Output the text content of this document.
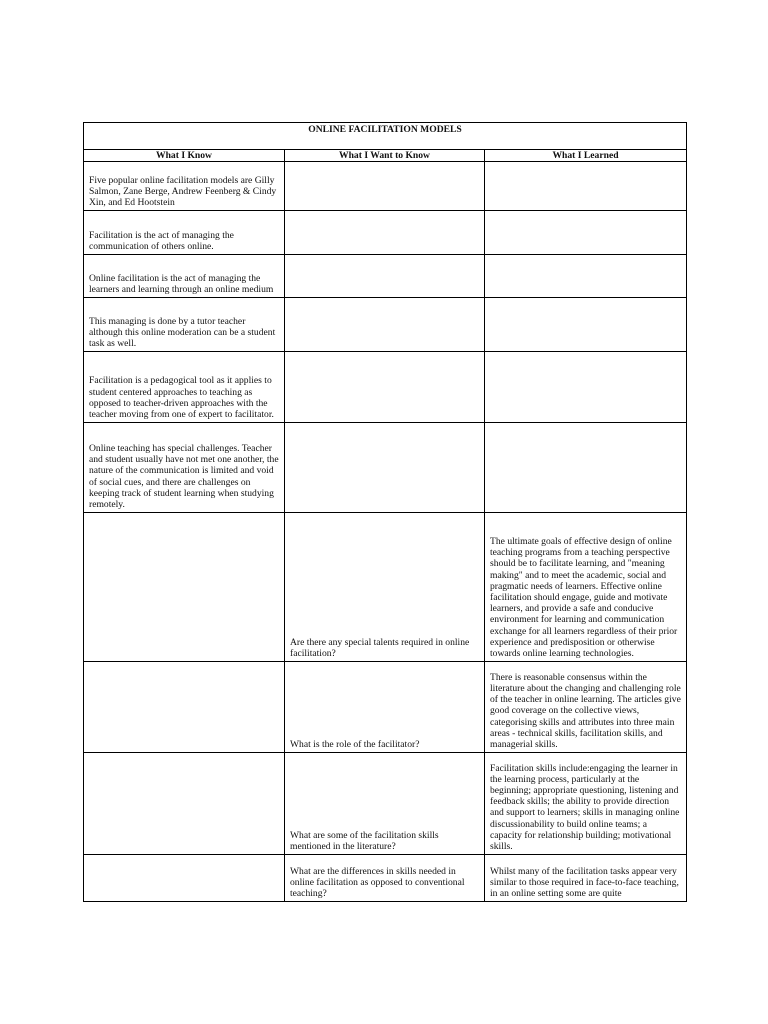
ONLINE FACILITATION MODELS		
What I Know	What I Want to Know	What I Learned
Five popular online facilitation models are Gilly Salmon, Zane Berge, Andrew Feenberg & Cindy Xin, and Ed Hootstein		
Facilitation is the act of managing the communication of others online.		
Online facilitation is the act of managing the learners and learning through an online medium		
This managing is done by a tutor teacher although this online moderation can be a student task as well.		
Facilitation is a pedagogical tool as it applies to student centered approaches to teaching as opposed to teacher-driven approaches with the teacher moving from one of expert to facilitator.		
Online teaching has special challenges. Teacher and student usually have not met one another, the nature of the communication is limited and void of social cues, and there are challenges on keeping track of student learning when studying remotely.		
	Are there any special talents required in online facilitation?	The ultimate goals of effective design of online teaching programs from a teaching perspective should be to facilitate learning, and "meaning making" and to meet the academic, social and pragmatic needs of learners. Effective online facilitation should engage, guide and motivate learners, and provide a safe and conducive environment for learning and communication exchange for all learners regardless of their prior experience and predisposition or otherwise towards online learning technologies.
	What is the role of the facilitator?	There is reasonable consensus within the literature about the changing and challenging role of the teacher in online learning. The articles give good coverage on the collective views, categorising skills and attributes into three main areas - technical skills, facilitation skills, and managerial skills.
	What are some of the facilitation skills mentioned in the literature?	Facilitation skills include:engaging the learner in the learning process, particularly at the beginning; appropriate questioning, listening and feedback skills; the ability to provide direction and support to learners; skills in managing online discussionability to build online teams; a capacity for relationship building; motivational skills.
	What are the differences in skills needed in online facilitation as opposed to conventional teaching?	Whilst many of the facilitation tasks appear very similar to those required in face-to-face teaching, in an online setting some are quite
